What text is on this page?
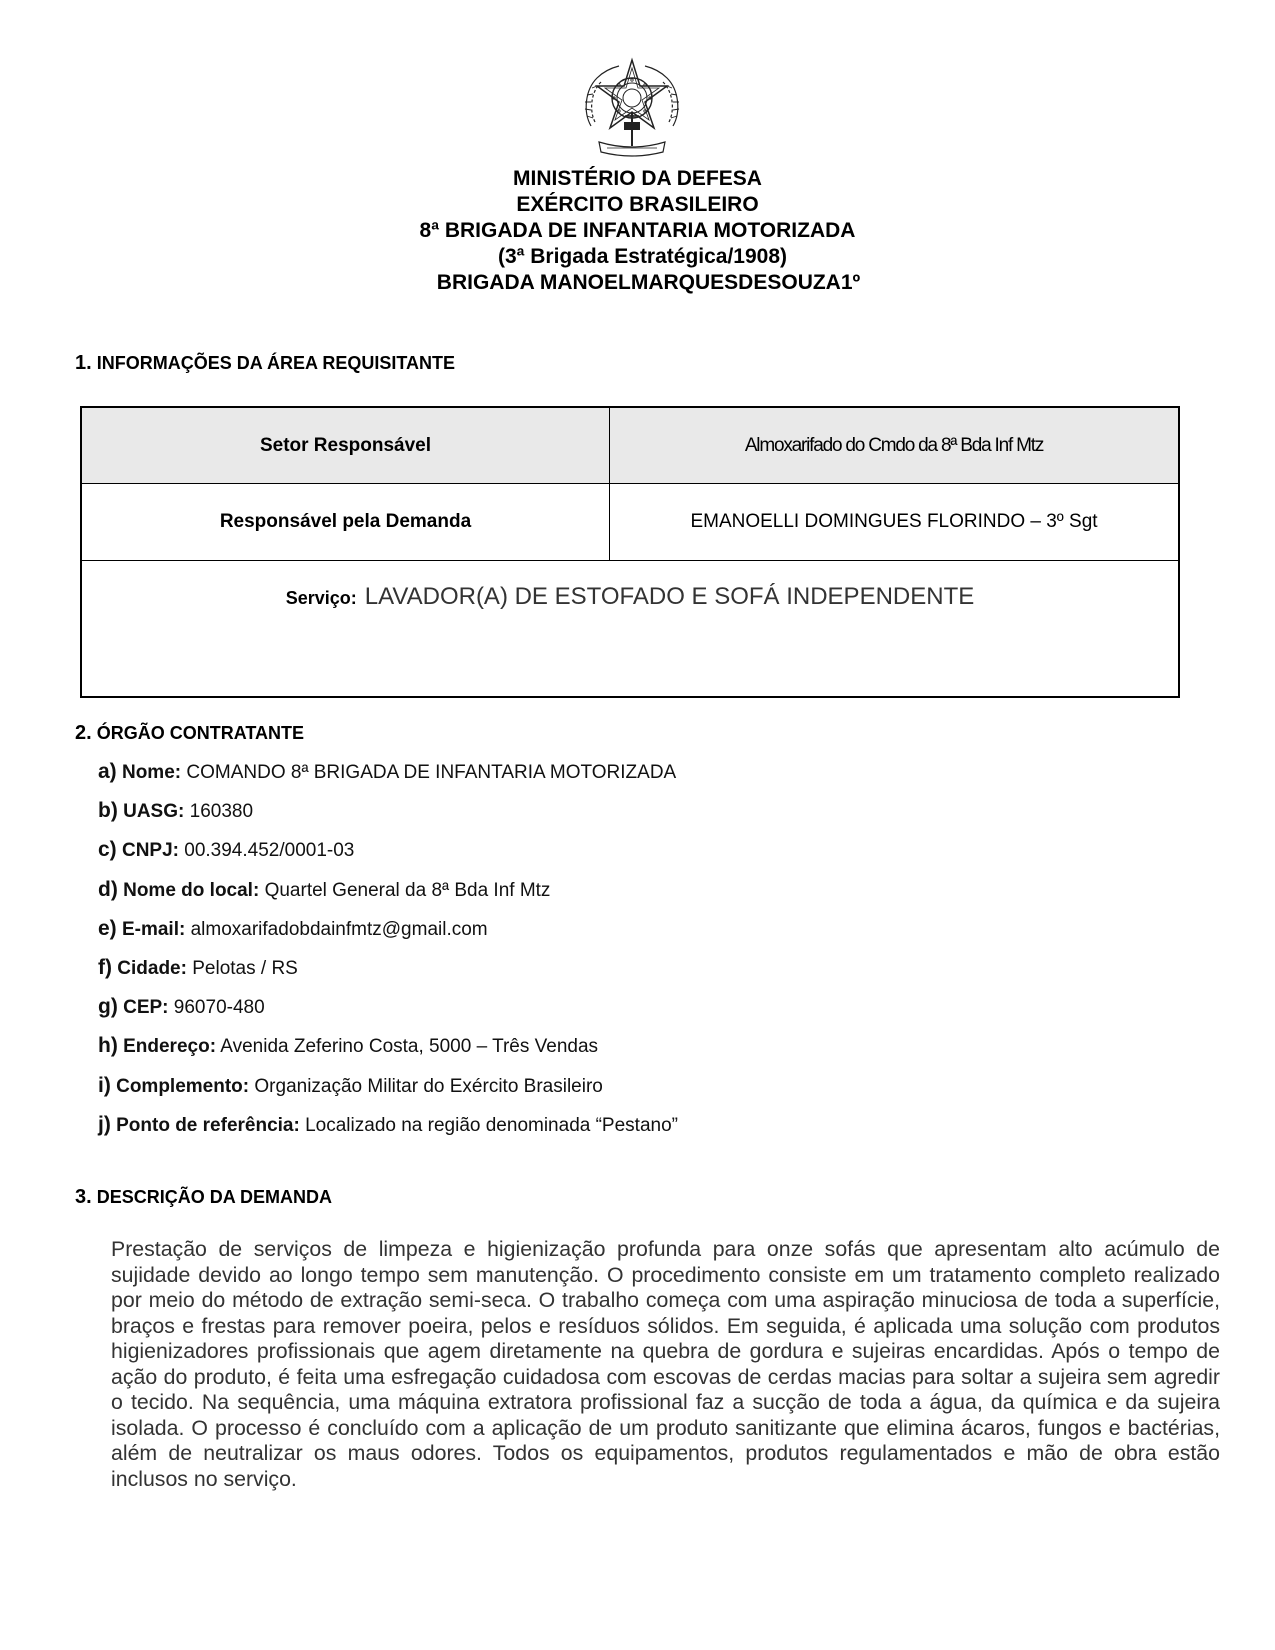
MINISTÉRIO DA DEFESA
EXÉRCITO BRASILEIRO
8ª BRIGADA DE INFANTARIA MOTORIZADA
(3ª Brigada Estratégica/1908)
BRIGADA MANOELMARQUESDESOUZA1º
1. INFORMAÇÕES DA ÁREA REQUISITANTE
Setor Responsável	Almoxarifado do Cmdo da 8ª Bda Inf Mtz
Responsável pela Demanda	EMANOELLI DOMINGUES FLORINDO – 3º Sgt
Serviço: LAVADOR(A) DE ESTOFADO E SOFÁ INDEPENDENTE
2. ÓRGÃO CONTRATANTE
a) Nome: COMANDO 8ª BRIGADA DE INFANTARIA MOTORIZADA
b) UASG: 160380
c) CNPJ: 00.394.452/0001-03
d) Nome do local: Quartel General da 8ª Bda Inf Mtz
e) E-mail: almoxarifadobdainfmtz@gmail.com
f) Cidade: Pelotas / RS
g) CEP: 96070-480
h) Endereço: Avenida Zeferino Costa, 5000 – Três Vendas
i) Complemento: Organização Militar do Exército Brasileiro
j) Ponto de referência: Localizado na região denominada “Pestano”
3. DESCRIÇÃO DA DEMANDA
Prestação de serviços de limpeza e higienização profunda para onze sofás que apresentam alto acúmulo de sujidade devido ao longo tempo sem manutenção. O procedimento consiste em um tratamento completo realizado por meio do método de extração semi-seca. O trabalho começa com uma aspiração minuciosa de toda a superfície, braços e frestas para remover poeira, pelos e resíduos sólidos. Em seguida, é aplicada uma solução com produtos higienizadores profissionais que agem diretamente na quebra de gordura e sujeiras encardidas. Após o tempo de ação do produto, é feita uma esfregação cuidadosa com escovas de cerdas macias para soltar a sujeira sem agredir o tecido. Na sequência, uma máquina extratora profissional faz a sucção de toda a água, da química e da sujeira isolada. O processo é concluído com a aplicação de um produto sanitizante que elimina ácaros, fungos e bactérias, além de neutralizar os maus odores. Todos os equipamentos, produtos regulamentados e mão de obra estão inclusos no serviço.
